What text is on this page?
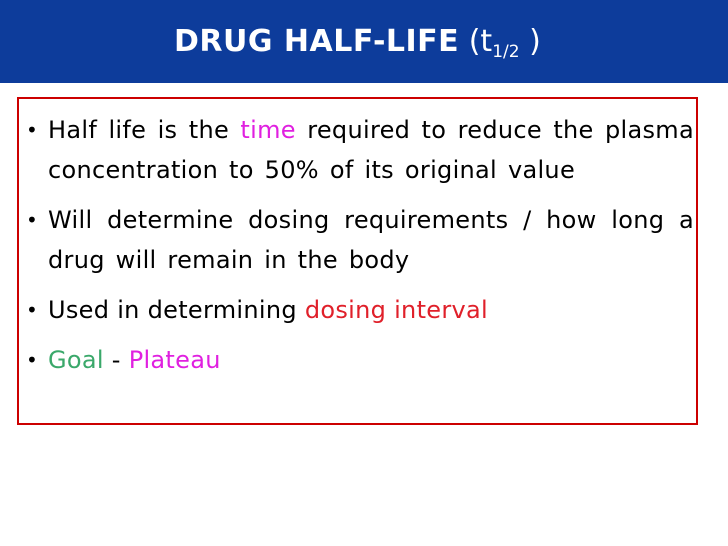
DRUG HALF-LIFE ($t_{1/2}$ )
• Half life is the time required to reduce the plasma concentration to 50% of its original value
• Will determine dosing requirements / how long a drug will remain in the body
• Used in determining dosing interval
• Goal - Plateau
